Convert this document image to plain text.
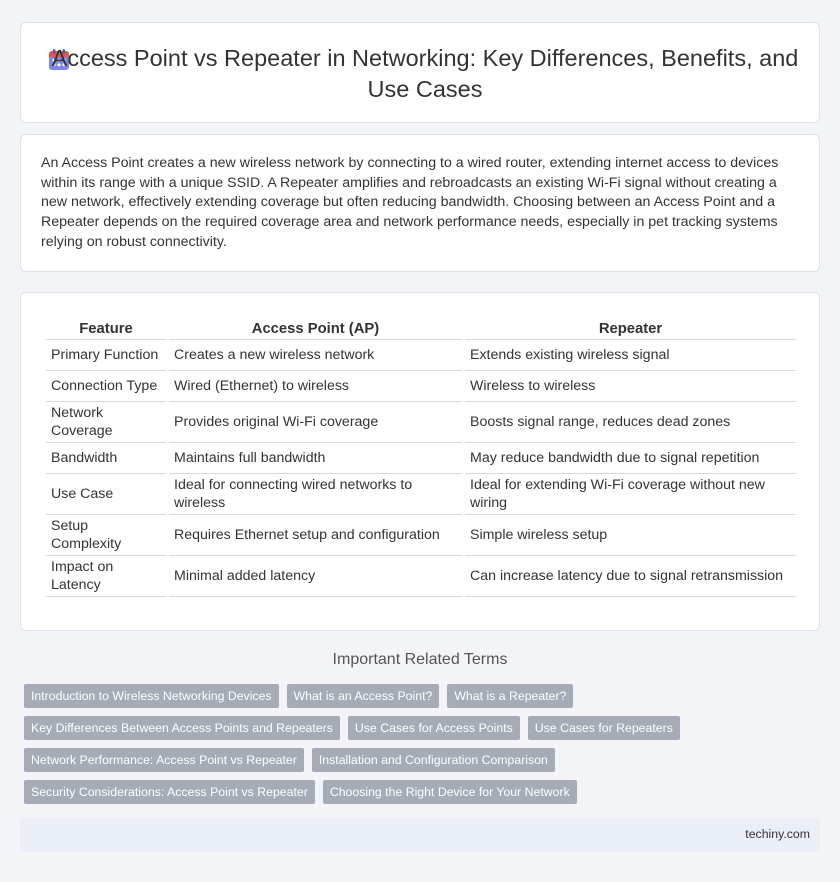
Access Point vs Repeater in Networking: Key Differences, Benefits, and Use Cases

An Access Point creates a new wireless network by connecting to a wired router, extending internet access to devices within its range with a unique SSID. A Repeater amplifies and rebroadcasts an existing Wi-Fi signal without creating a new network, effectively extending coverage but often reducing bandwidth. Choosing between an Access Point and a Repeater depends on the required coverage area and network performance needs, especially in pet tracking systems relying on robust connectivity.

Feature	Access Point (AP)	Repeater
Primary Function	Creates a new wireless network	Extends existing wireless signal
Connection Type	Wired (Ethernet) to wireless	Wireless to wireless
Network Coverage	Provides original Wi-Fi coverage	Boosts signal range, reduces dead zones
Bandwidth	Maintains full bandwidth	May reduce bandwidth due to signal repetition
Use Case	Ideal for connecting wired networks to wireless	Ideal for extending Wi-Fi coverage without new wiring
Setup Complexity	Requires Ethernet setup and configuration	Simple wireless setup
Impact on Latency	Minimal added latency	Can increase latency due to signal retransmission
Important Related Terms
Introduction to Wireless Networking Devices	What is an Access Point?	What is a Repeater?
Key Differences Between Access Points and Repeaters	Use Cases for Access Points	Use Cases for Repeaters
Network Performance: Access Point vs Repeater	Installation and Configuration Comparison
Security Considerations: Access Point vs Repeater	Choosing the Right Device for Your Network
techiny.com
